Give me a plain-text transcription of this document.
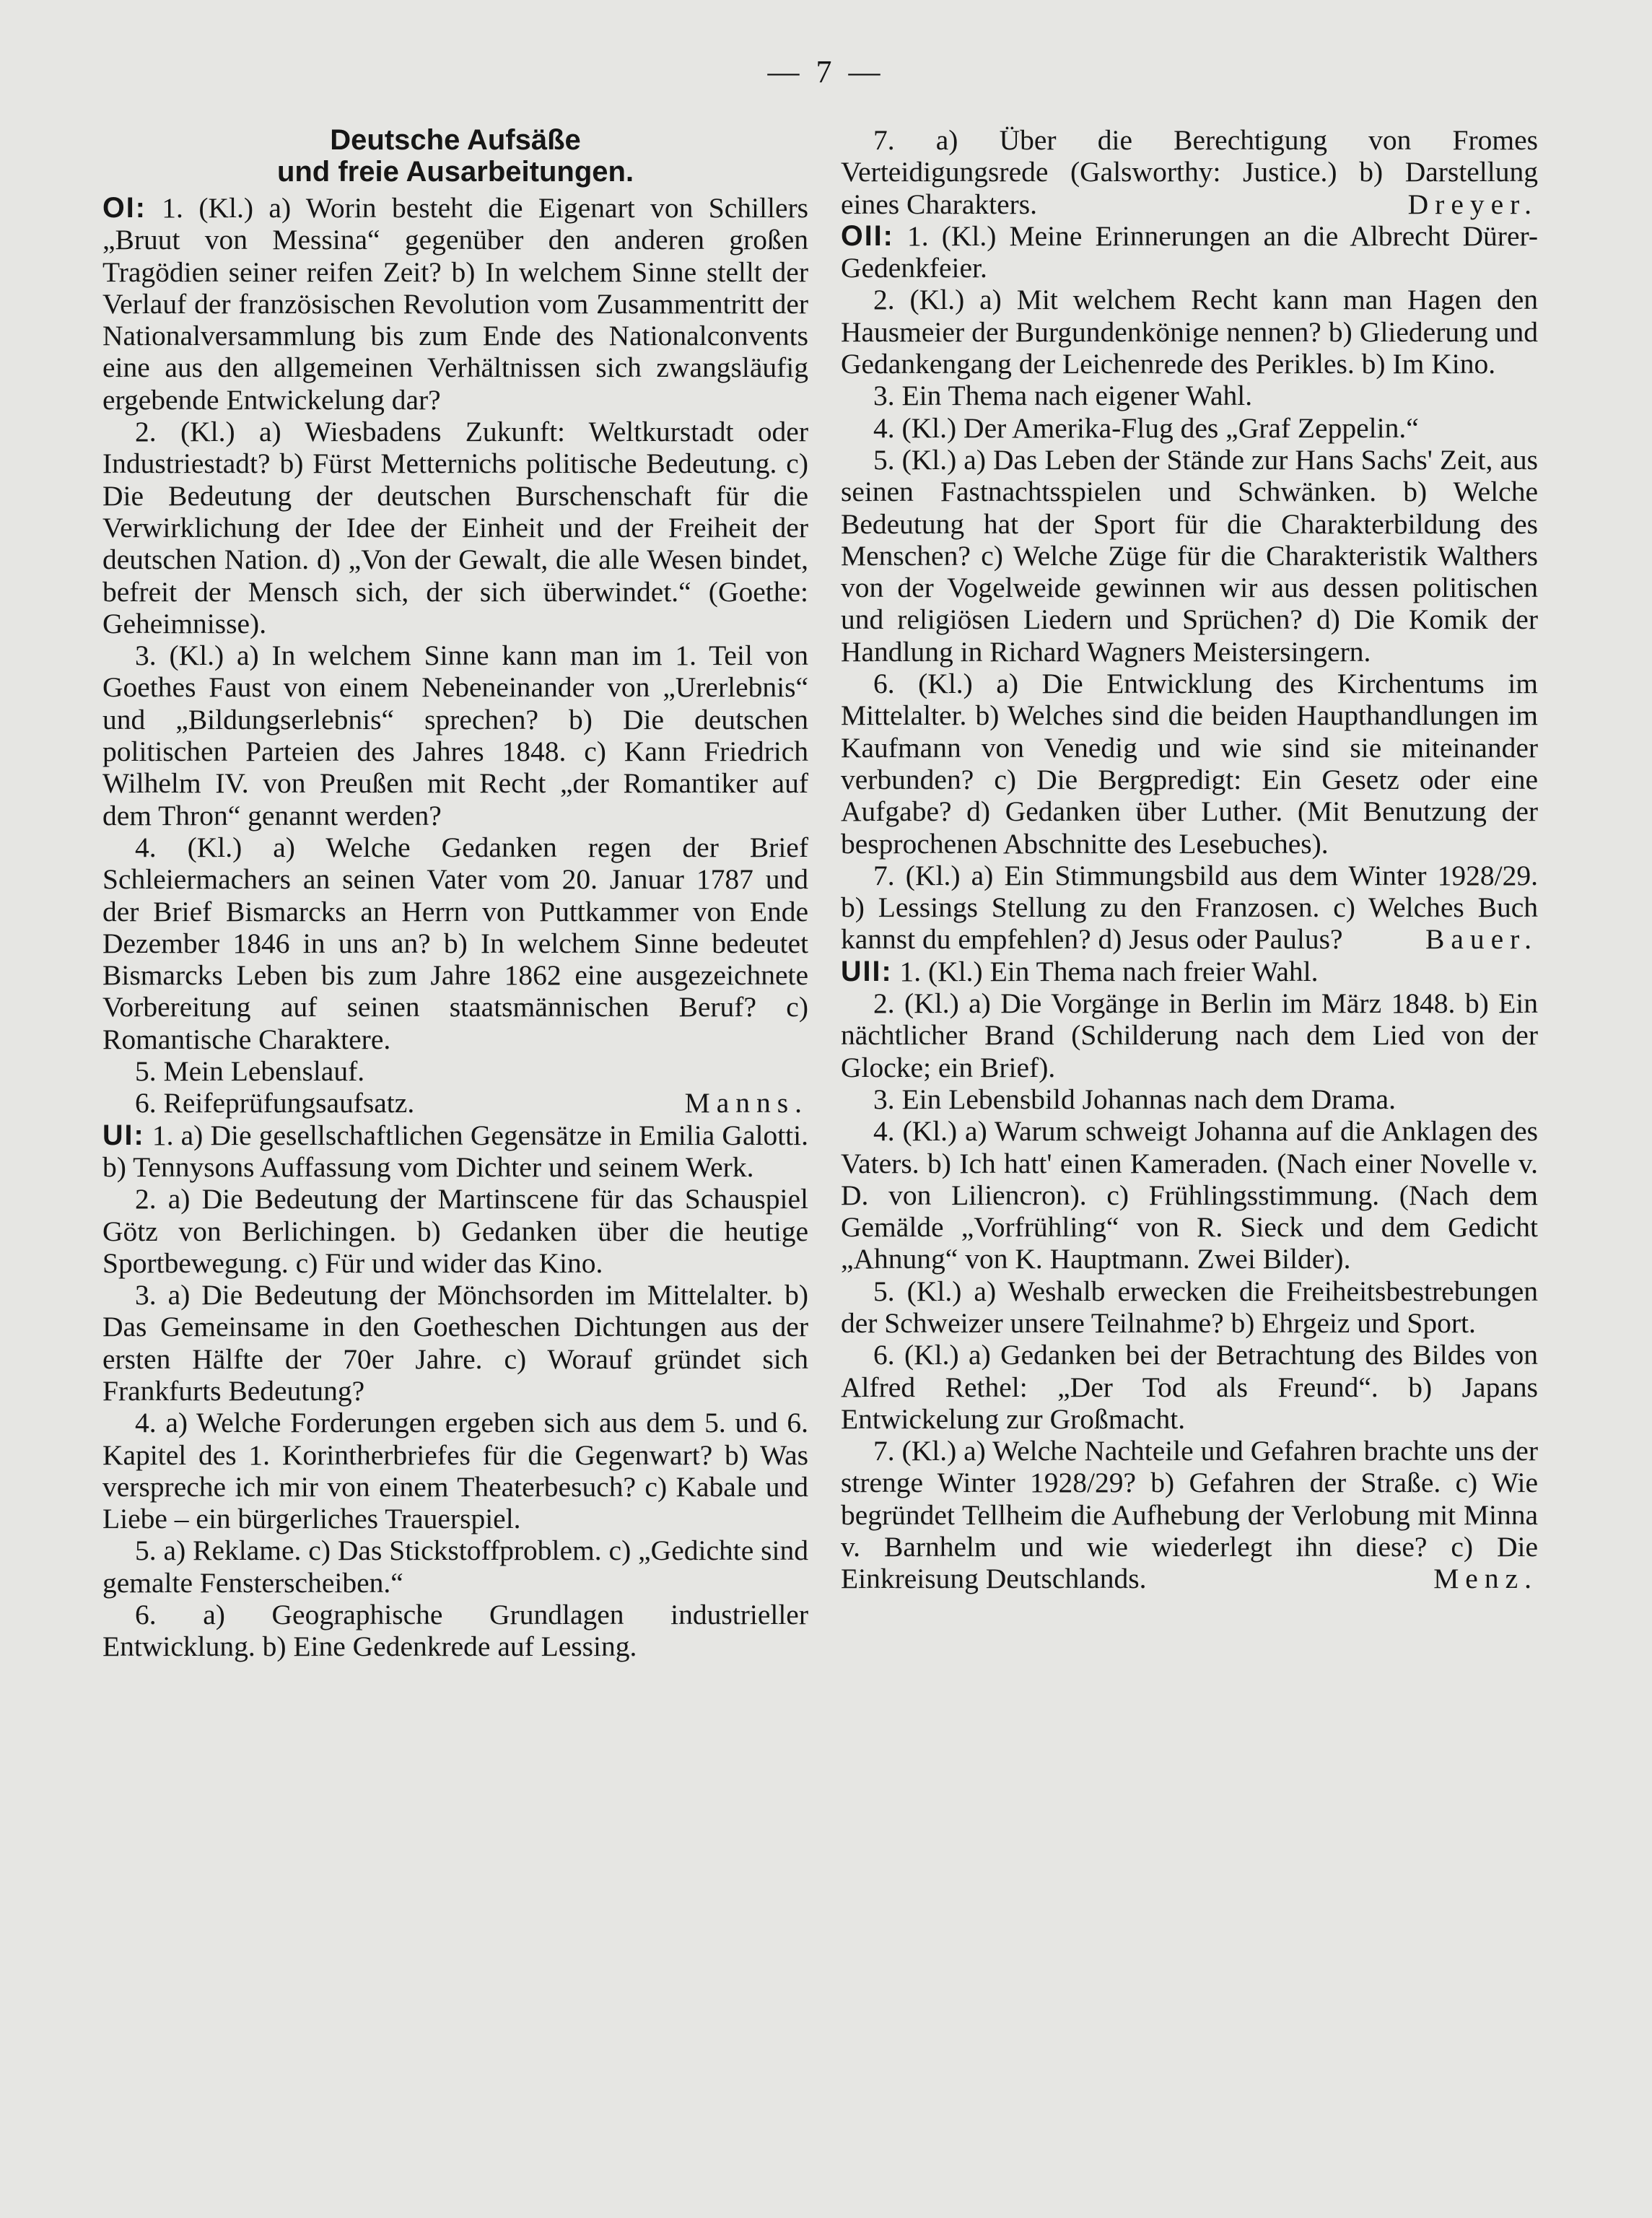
— 7 —

Deutsche Aufsäße

und freie Ausarbeitungen.

OI: 1. (Kl.) a) Worin besteht die Eigenart von Schillers „Bruut von Messina“ gegenüber den anderen großen Tragödien seiner reifen Zeit? b) In welchem Sinne stellt der Verlauf der französischen Revolution vom Zusammentritt der Nationalversammlung bis zum Ende des Nationalconvents eine aus den allgemeinen Verhältnissen sich zwangsläufig ergebende Entwickelung dar?

2. (Kl.) a) Wiesbadens Zukunft: Weltkurstadt oder Industriestadt? b) Fürst Metternichs politische Bedeutung. c) Die Bedeutung der deutschen Burschenschaft für die Verwirklichung der Idee der Einheit und der Freiheit der deutschen Nation. d) „Von der Gewalt, die alle Wesen bindet, befreit der Mensch sich, der sich überwindet.“ (Goethe: Geheimnisse).

3. (Kl.) a) In welchem Sinne kann man im 1. Teil von Goethes Faust von einem Nebeneinander von „Urerlebnis“ und „Bildungserlebnis“ sprechen? b) Die deutschen politischen Parteien des Jahres 1848. c) Kann Friedrich Wilhelm IV. von Preußen mit Recht „der Romantiker auf dem Thron“ genannt werden?

4. (Kl.) a) Welche Gedanken regen der Brief Schleiermachers an seinen Vater vom 20. Januar 1787 und der Brief Bismarcks an Herrn von Puttkammer von Ende Dezember 1846 in uns an? b) In welchem Sinne bedeutet Bismarcks Leben bis zum Jahre 1862 eine ausgezeichnete Vorbereitung auf seinen staatsmännischen Beruf? c) Romantische Charaktere.

5. Mein Lebenslauf.

6. Reifeprüfungsaufsatz.	Manns.

UI: 1. a) Die gesellschaftlichen Gegensätze in Emilia Galotti. b) Tennysons Auffassung vom Dichter und seinem Werk.

2. a) Die Bedeutung der Martinscene für das Schauspiel Götz von Berlichingen. b) Gedanken über die heutige Sportbewegung. c) Für und wider das Kino.

3. a) Die Bedeutung der Mönchsorden im Mittelalter. b) Das Gemeinsame in den Goetheschen Dichtungen aus der ersten Hälfte der 70er Jahre. c) Worauf gründet sich Frankfurts Bedeutung?

4. a) Welche Forderungen ergeben sich aus dem 5. und 6. Kapitel des 1. Korintherbriefes für die Gegenwart? b) Was verspreche ich mir von einem Theaterbesuch? c) Kabale und Liebe – ein bürgerliches Trauerspiel.

5. a) Reklame. c) Das Stickstoffproblem. c) „Gedichte sind gemalte Fensterscheiben.“

6. a) Geographische Grundlagen industrieller Entwicklung. b) Eine Gedenkrede auf Lessing.

7. a) Über die Berechtigung von Fromes Verteidigungsrede (Galsworthy: Justice.) b) Darstellung eines Charakters.	Dreyer.

OII: 1. (Kl.) Meine Erinnerungen an die Albrecht Dürer-Gedenkfeier.

2. (Kl.) a) Mit welchem Recht kann man Hagen den Hausmeier der Burgundenkönige nennen? b) Gliederung und Gedankengang der Leichenrede des Perikles. b) Im Kino.

3. Ein Thema nach eigener Wahl.

4. (Kl.) Der Amerika-Flug des „Graf Zeppelin.“

5. (Kl.) a) Das Leben der Stände zur Hans Sachs' Zeit, aus seinen Fastnachtsspielen und Schwänken. b) Welche Bedeutung hat der Sport für die Charakterbildung des Menschen? c) Welche Züge für die Charakteristik Walthers von der Vogelweide gewinnen wir aus dessen politischen und religiösen Liedern und Sprüchen? d) Die Komik der Handlung in Richard Wagners Meistersingern.

6. (Kl.) a) Die Entwicklung des Kirchentums im Mittelalter. b) Welches sind die beiden Haupthandlungen im Kaufmann von Venedig und wie sind sie miteinander verbunden? c) Die Bergpredigt: Ein Gesetz oder eine Aufgabe? d) Gedanken über Luther. (Mit Benutzung der besprochenen Abschnitte des Lesebuches).

7. (Kl.) a) Ein Stimmungsbild aus dem Winter 1928/29. b) Lessings Stellung zu den Franzosen. c) Welches Buch kannst du empfehlen? d) Jesus oder Paulus?	Bauer.

UII: 1. (Kl.) Ein Thema nach freier Wahl.

2. (Kl.) a) Die Vorgänge in Berlin im März 1848. b) Ein nächtlicher Brand (Schilderung nach dem Lied von der Glocke; ein Brief).

3. Ein Lebensbild Johannas nach dem Drama.

4. (Kl.) a) Warum schweigt Johanna auf die Anklagen des Vaters. b) Ich hatt' einen Kameraden. (Nach einer Novelle v. D. von Liliencron). c) Frühlingsstimmung. (Nach dem Gemälde „Vorfrühling“ von R. Sieck und dem Gedicht „Ahnung“ von K. Hauptmann. Zwei Bilder).

5. (Kl.) a) Weshalb erwecken die Freiheitsbestrebungen der Schweizer unsere Teilnahme? b) Ehrgeiz und Sport.

6. (Kl.) a) Gedanken bei der Betrachtung des Bildes von Alfred Rethel: „Der Tod als Freund“. b) Japans Entwickelung zur Großmacht.

7. (Kl.) a) Welche Nachteile und Gefahren brachte uns der strenge Winter 1928/29? b) Gefahren der Straße. c) Wie begründet Tellheim die Aufhebung der Verlobung mit Minna v. Barnhelm und wie wiederlegt ihn diese? c) Die Einkreisung Deutschlands.	Menz.
